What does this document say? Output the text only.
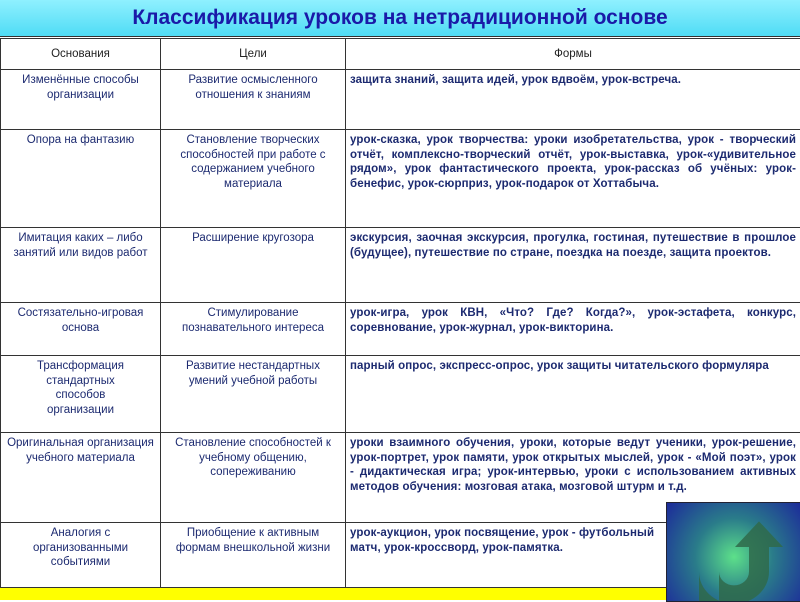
Классификация уроков на нетрадиционной основе
Основания	Цели	Формы
Изменённые способы организации	Развитие осмысленного отношения к знаниям	защита знаний, защита идей, урок вдвоём, урок-встреча.
Опора на фантазию	Становление творческих способностей при работе с содержанием учебного материала	урок-сказка, урок творчества: уроки изобретательства, урок - творческий отчёт, комплексно-творческий отчёт, урок-выставка, урок-«удивительное рядом», урок фантастического проекта, урок-рассказ об учёных: урок-бенефис, урок-сюрприз, урок-подарок от Хоттабыча.
Имитация каких – либо занятий или видов работ	Расширение кругозора	экскурсия, заочная экскурсия, прогулка, гостиная, путешествие в прошлое (будущее), путешествие по стране, поездка на поезде, защита проектов.
Состязательно-игровая основа	Стимулирование познавательного интереса	урок-игра, урок КВН, «Что? Где? Когда?», урок-эстафета, конкурс, соревнование, урок-журнал, урок-викторина.
Трансформация стандартных способов организации	Развитие нестандартных умений учебной работы	парный опрос, экспресс-опрос, урок защиты читательского формуляра
Оригинальная организация учебного материала	Становление способностей к учебному общению, сопереживанию	уроки взаимного обучения, уроки, которые ведут ученики, урок-решение, урок-портрет, урок памяти, урок открытых мыслей, урок - «Мой поэт», урок - дидактическая игра; урок-интервью, уроки с использованием активных методов обучения: мозговая атака, мозговой штурм и т.д.
Аналогия с организованными событиями	Приобщение к активным формам внешкольной жизни	урок-аукцион, урок посвящение, урок - футбольный матч, урок-кроссворд, урок-памятка.
